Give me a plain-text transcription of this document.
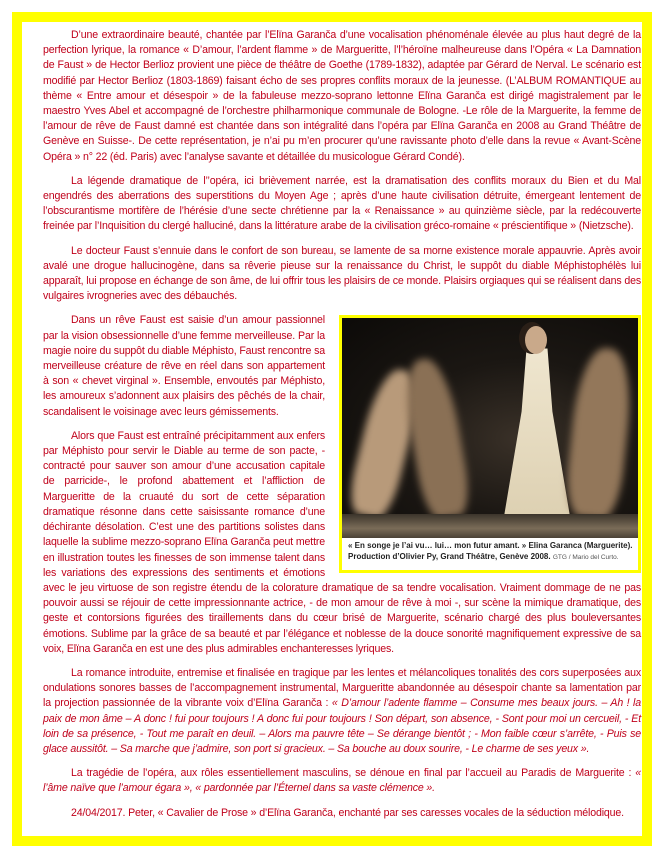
D’une extraordinaire beauté, chantée par l’Elïna Garanča d’une vocalisation phénoménale élevée au plus haut degré de la perfection lyrique, la romance « D’amour, l’ardent flamme » de Margueritte, l’l’héroïne malheureuse dans l’Opéra « La Damnation de Faust » de Hector Berlioz provient une pièce de théâtre de Goethe (1789-1832), adaptée par Gérard de Nerval. Le scénario est modifié par Hector Berlioz (1803-1869) faisant écho de ses propres conflits moraux de la jeunesse. (L’ALBUM ROMANTIQUE au thème « Entre amour et désespoir » de la fabuleuse mezzo-soprano lettonne Elïna Garanča est dirigé magistralement par le maestro Yves Abel et accompagné de l’orchestre philharmonique communale de Bologne. -Le rôle de la Marguerite, la femme de l’amour de rêve de Faust damné est chantée dans son intégralité dans l’opéra par Elïna Garanča en 2008 au Grand Théâtre de Genève en Suisse-. De cette représentation, je n’ai pu m’en procurer qu’une ravissante photo d’elle dans la revue « Avant-Scène Opéra » n° 22 (éd. Paris) avec l’analyse savante et détaillée du musicologue Gérard Condé).

La légende dramatique de l’’opéra, ici brièvement narrée, est la dramatisation des conflits moraux du Bien et du Mal engendrés des aberrations des superstitions du Moyen Age ; après d’une haute civilisation détruite, émergeant lentement de l’obscurantisme mortifère de l’hérésie d’une secte chrétienne par la « Renaissance » au quinzième siècle, par la redécouverte freinée par l’Inquisition du clergé halluciné, dans la littérature arabe de la civilisation gréco-romaine « préscientifique » (Nietzsche).

Le docteur Faust s’ennuie dans le confort de son bureau, se lamente de sa morne existence morale appauvrie. Après avoir avalé une drogue hallucinogène, dans sa rêverie pieuse sur la renaissance du Christ, le suppôt du diable Méphistophélès lui apparaît, lui propose en échange de son âme, de lui offrir tous les plaisirs de ce monde. Plaisirs orgiaques qui se réalisent dans des vulgaires ivrogneries avec des débauchés.

« En songe je l’ai vu… lui… mon futur amant. » Elina Garanca (Marguerite).
Production d’Olivier Py, Grand Théâtre, Genève 2008. GTG / Mario del Curto.

Dans un rêve Faust est saisie d’un amour passionnel par la vision obsessionnelle d’une femme merveilleuse. Par la magie noire du suppôt du diable Méphisto, Faust rencontre sa merveilleuse créature de rêve en réel dans son appartement à son « chevet virginal ». Ensemble, envoutés par Méphisto, les amoureux s’adonnent aux plaisirs des pêchés de la chair, scandalisent le voisinage avec leurs gémissements.

Alors que Faust est entraîné précipitamment aux enfers par Méphisto pour servir le Diable au terme de son pacte, -contracté pour sauver son amour d’une accusation capitale de parricide-, le profond abattement et l’affliction de Margueritte de la cruauté du sort de cette séparation dramatique résonne dans cette saisissante romance d’une déchirante désolation. C’est une des partitions solistes dans laquelle la sublime mezzo-soprano Elïna Garanča peut mettre en illustration toutes les finesses de son immense talent dans les variations des expressions des sentiments et émotions avec le jeu virtuose de son registre étendu de la colorature dramatique de sa tendre vocalisation. Vraiment dommage de ne pas pouvoir aussi se réjouir de cette impressionnante actrice, - de mon amour de rêve à moi -, sur scène la mimique dramatique, des geste et contorsions figurées des tiraillements dans du cœur brisé de Marguerite, scénario chargé des plus bouleversantes émotions. Sublime par la grâce de sa beauté et par l’élégance et noblesse de la douce sonorité magnifiquement expressive de sa voix, Elïna Garanča en est une des plus admirables enchanteresses lyriques.

La romance introduite, entremise et finalisée en tragique par les lentes et mélancoliques tonalités des cors superposées aux ondulations sonores basses de l’accompagnement instrumental, Margueritte abandonnée au désespoir chante sa lamentation par la projection passionnée de la vibrante voix d’Elïna Garanča : « D’amour l’adente flamme – Consume mes beaux jours. – Ah ! la paix de mon âme – A donc ! fui pour toujours ! A donc fui pour toujours ! Son départ, son absence, - Sont pour moi un cercueil, - Et loin de sa présence, - Tout me paraît en deuil. – Alors ma pauvre tête – Se dérange bientôt ; - Mon faible cœur s’arrête, - Puis se glace aussitôt. – Sa marche que j’admire, son port si gracieux. – Sa bouche au doux sourire, - Le charme de ses yeux ».

La tragédie de l’opéra, aux rôles essentiellement masculins, se dénoue en final par l’accueil au Paradis de Marguerite : « l’âme naïve que l’amour égara », « pardonnée par l’Éternel dans sa vaste clémence ».

24/04/2017. Peter, « Cavalier de Prose » d’Elïna Garanča, enchanté par ses caresses vocales de la séduction mélodique.
